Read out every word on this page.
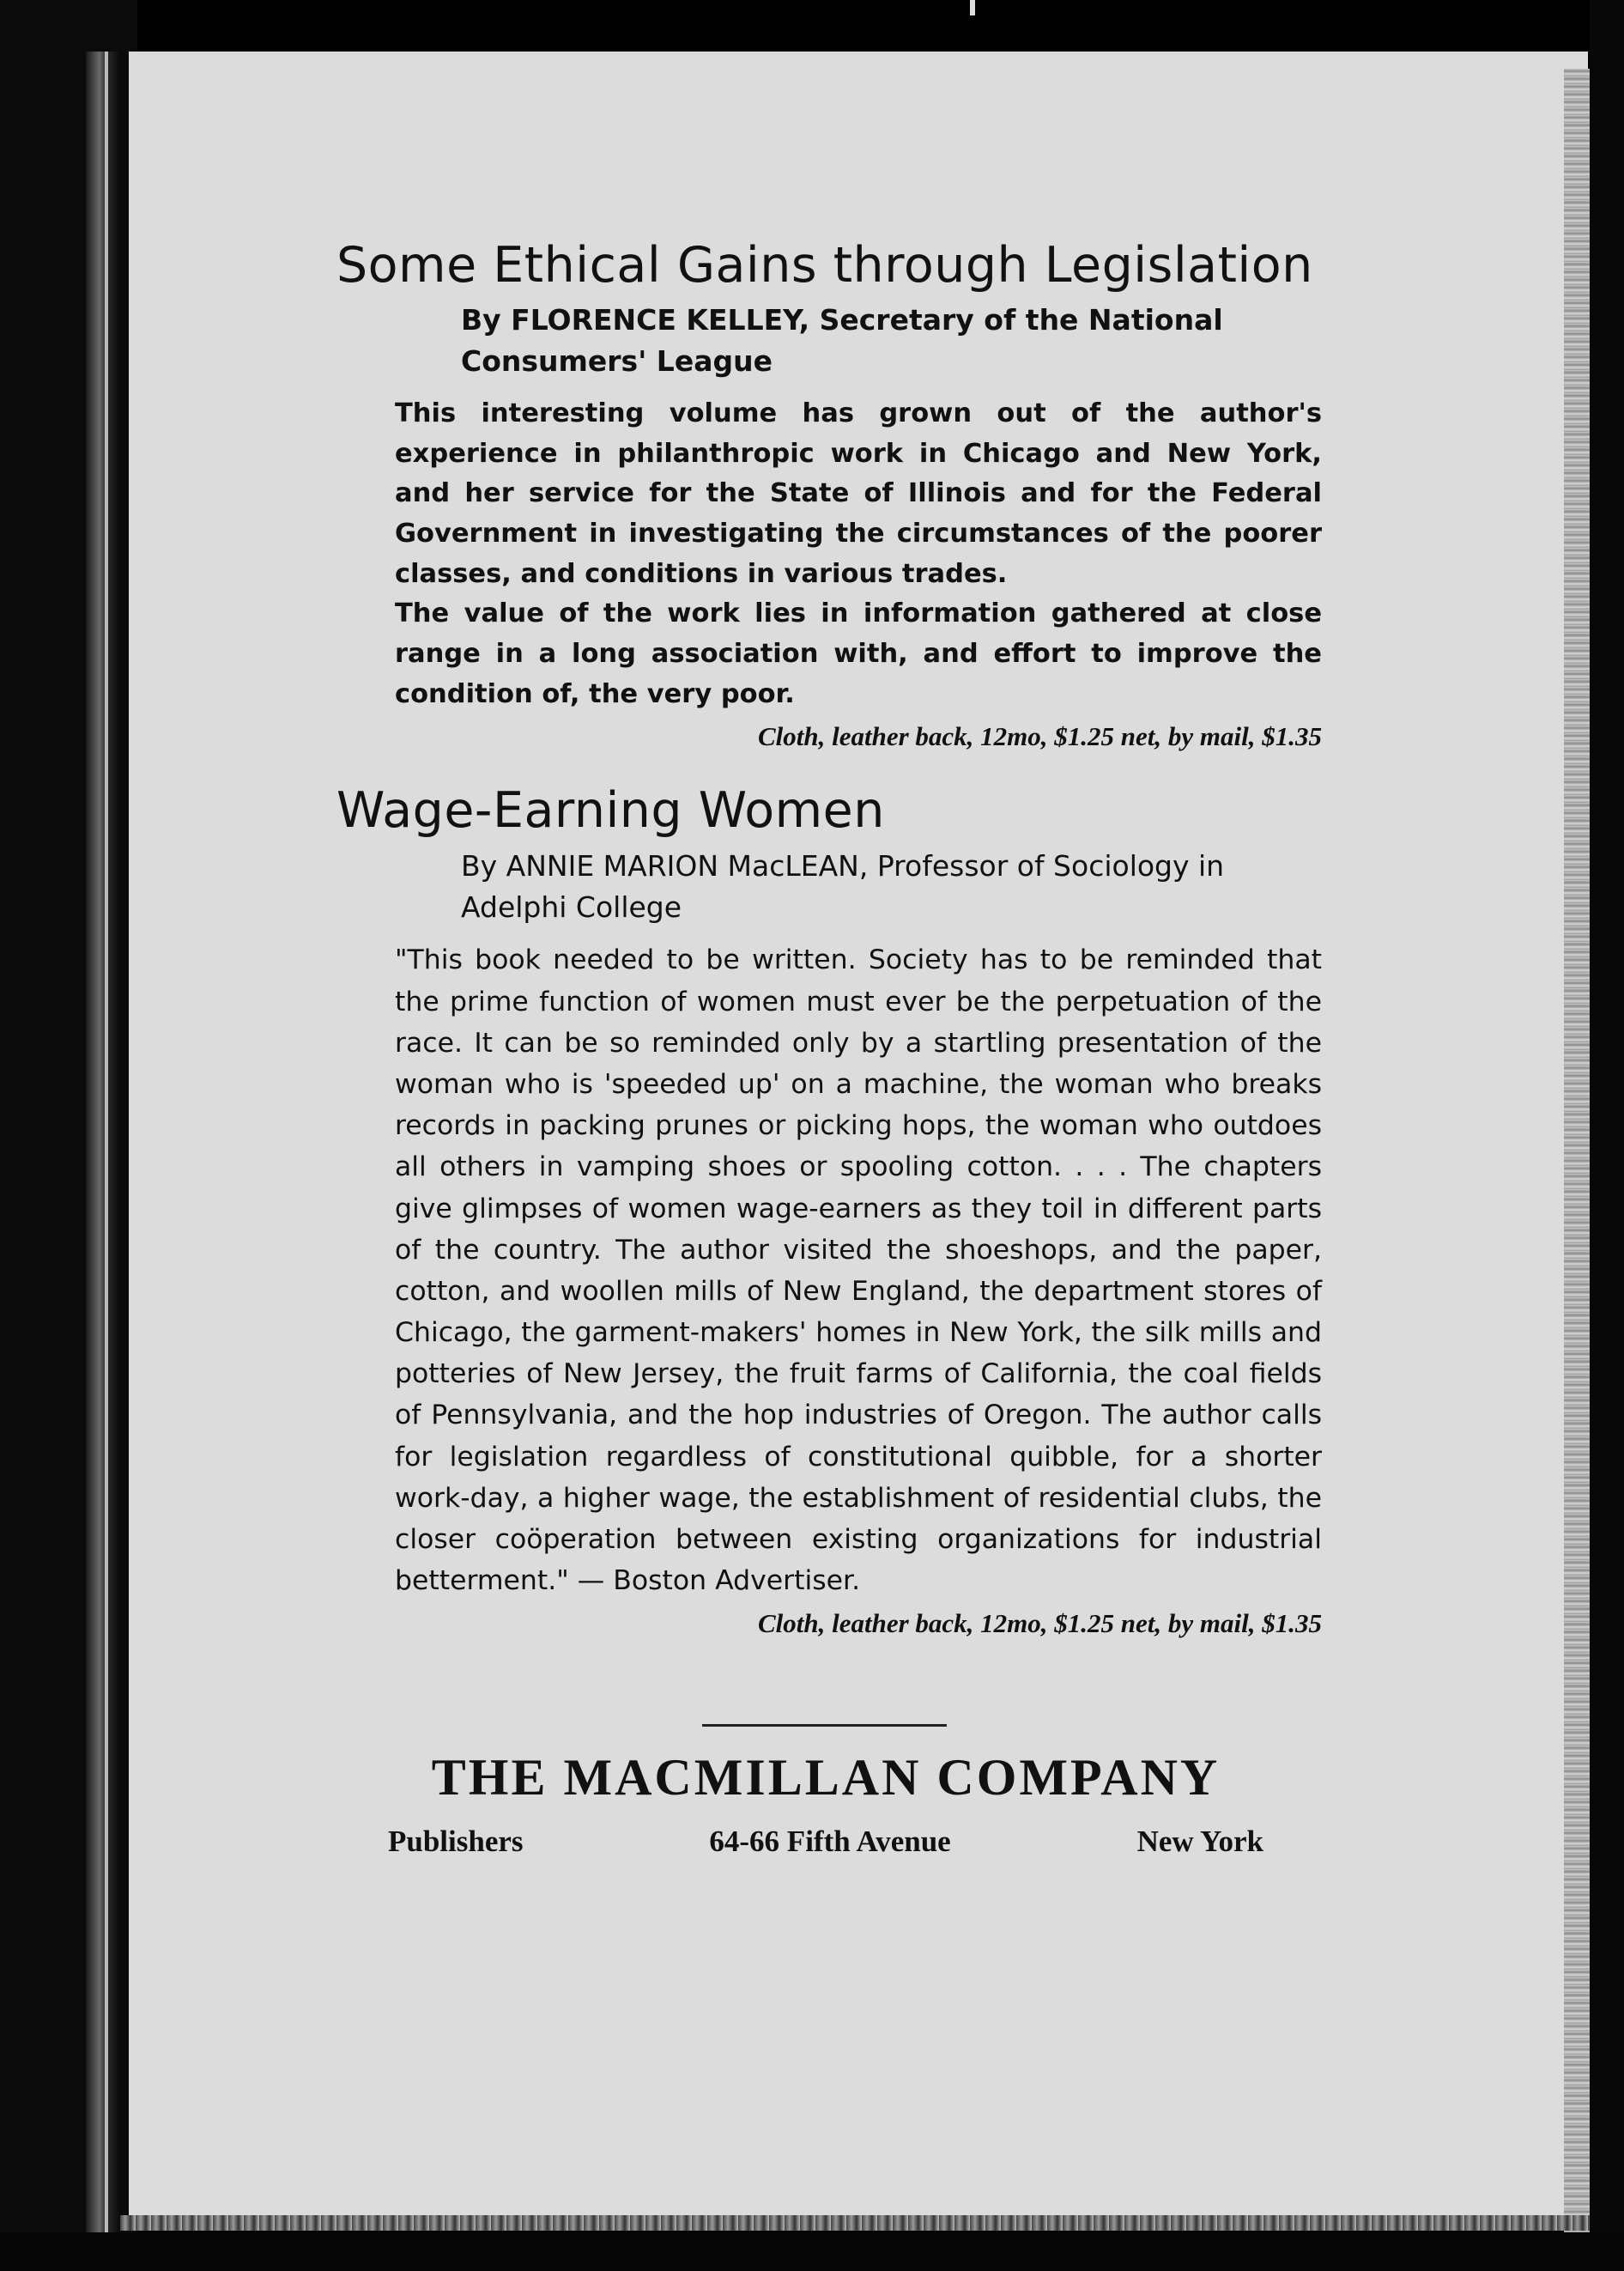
Some Ethical Gains through Legislation

By FLORENCE KELLEY, Secretary of the National Consumers' League

This interesting volume has grown out of the author's experience in philanthropic work in Chicago and New York, and her service for the State of Illinois and for the Federal Government in investigating the circumstances of the poorer classes, and conditions in various trades.

The value of the work lies in information gathered at close range in a long association with, and effort to improve the condition of, the very poor.

Cloth, leather back, 12mo, $1.25 net, by mail, $1.35

Wage-Earning Women

By ANNIE MARION MacLEAN, Professor of Sociology in Adelphi College

"This book needed to be written. Society has to be reminded that the prime function of women must ever be the perpetuation of the race. It can be so reminded only by a startling presentation of the woman who is 'speeded up' on a machine, the woman who breaks records in packing prunes or picking hops, the woman who outdoes all others in vamping shoes or spooling cotton. . . . The chapters give glimpses of women wage-earners as they toil in different parts of the country. The author visited the shoeshops, and the paper, cotton, and woollen mills of New England, the department stores of Chicago, the garment-makers' homes in New York, the silk mills and potteries of New Jersey, the fruit farms of California, the coal fields of Pennsylvania, and the hop industries of Oregon. The author calls for legislation regardless of constitutional quibble, for a shorter work-day, a higher wage, the establishment of residential clubs, the closer coöperation between existing organizations for industrial betterment." — Boston Advertiser.

Cloth, leather back, 12mo, $1.25 net, by mail, $1.35

THE MACMILLAN COMPANY
Publishers	64-66 Fifth Avenue	New York
